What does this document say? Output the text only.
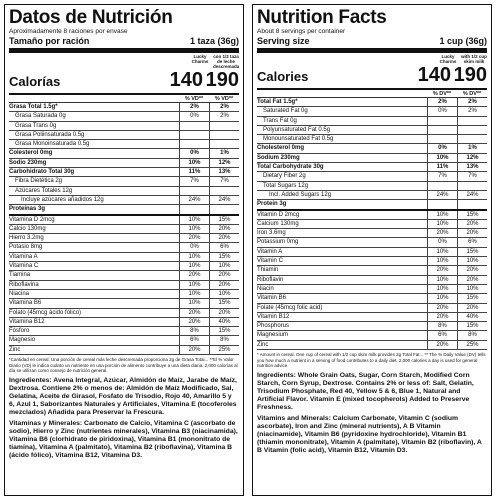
Datos de Nutrición
Aproximadamente 8 raciones por envase
Tamaño por ración	1 taza (36g)
Lucky Charms
con 1/2 taza de leche descremada
Calorías	140 190
% VD**	% VD**
Grasa Total 1.5g*	2%	2%
Grasa Saturada 0g	0%	2%
Grasa Trans 0g
Grasa Poliinsaturada 0.5g
Grasa Monoinsaturada 0.5g
Colesterol 0mg	0%	1%
Sodio 230mg	10%	12%
Carbohidrato Total 30g	11%	13%
Fibra Dietética 2g	7%	7%
Azúcares Totales 12g
Incluye azúcares añadidos 12g	24%	24%
Proteínas 3g
Vitamina D 2mcg	10%	15%
Calcio 130mg	10%	20%
Hierro 3.2mg	20%	20%
Potasio 8mg	0%	6%
Vitamina A	10%	15%
Vitamina C	10%	10%
Tiamina	20%	20%
Riboflavina	10%	20%
Niacina	10%	10%
Vitamina B6	10%	15%
Folato (45mcg ácido fólico)	20%	20%
Vitamina B12	20%	40%
Fósforo	8%	15%
Magnesio	6%	8%
Zinc	20%	25%
*Cantidad en cereal. Una porción de cereal más leche descremada proporciona 2g de Grasa Total... **El % Valor Diario (VD) le indica cuánto un nutriente en una porción de alimento contribuye a una dieta diaria. 2,000 calorías al día se utilizan como consejo de nutrición general.
Ingredientes: Avena Integral, Azúcar, Almidón de Maíz, Jarabe de Maíz, Dextrosa. Contiene 2% o menos de: Almidón de Maíz Modificado, Sal, Gelatina, Aceite de Girasol, Fosfato de Trisodio, Rojo 40, Amarillo 5 y 6, Azul 1, Saborizantes Naturales y Artificiales, Vitamina E (tocoferoles mezclados) Añadida para Preservar la Frescura.
Vitaminas y Minerales: Carbonato de Calcio, Vitamina C (ascorbato de sodio), Hierro y Zinc (nutrientes minerales), Vitamina B3 (niacinamida), Vitamina B6 (clorhidrato de piridoxina), Vitamina B1 (mononitrato de tiamina), Vitamina A (palmitato), Vitamina B2 (riboflavina), Vitamina B (ácido fólico), Vitamina B12, Vitamina D3.
Nutrition Facts
About 8 servings per container
Serving size	1 cup (36g)
Lucky Charms
with 1/2 cup skim milk
Calories	140 190
% DV**	% DV**
Total Fat 1.5g*	2%	2%
Saturated Fat 0g	0%	2%
Trans Fat 0g
Polyunsaturated Fat 0.5g
Monounsaturated Fat 0.5g
Cholesterol 0mg	0%	1%
Sodium 230mg	10%	12%
Total Carbohydrate 30g	11%	13%
Dietary Fiber 2g	7%	7%
Total Sugars 12g
Incl. Added Sugars 12g	24%	24%
Protein 3g
Vitamin D 2mcg	10%	15%
Calcium 130mg	10%	20%
Iron 3.6mg	20%	20%
Potassium 0mg	0%	6%
Vitamin A	10%	15%
Vitamin C	10%	10%
Thiamin	20%	20%
Riboflavin	10%	20%
Niacin	10%	10%
Vitamin B6	10%	15%
Folate (45mcg folic acid)	20%	20%
Vitamin B12	20%	40%
Phosphorus	8%	15%
Magnesium	6%	8%
Zinc	20%	25%
* Amount in cereal. One cup of cereal with 1/2 cup skim milk provides 2g Total Fat... ** The % Daily Value (DV) tells you how much a nutrient in a serving of food contributes to a daily diet. 2,000 calories a day is used for general nutrition advice.
Ingredients: Whole Grain Oats, Sugar, Corn Starch, Modified Corn Starch, Corn Syrup, Dextrose. Contains 2% or less of: Salt, Gelatin, Trisodium Phosphate, Red 40, Yellow 5 & 6, Blue 1, Natural and Artificial Flavor. Vitamin E (mixed tocopherols) Added to Preserve Freshness.
Vitamins and Minerals: Calcium Carbonate, Vitamin C (sodium ascorbate), Iron and Zinc (mineral nutrients), A B Vitamin (niacinamide), Vitamin B6 (pyridoxine hydrochloride), Vitamin B1 (thiamin mononitrate), Vitamin A (palmitate), Vitamin B2 (riboflavin), A B Vitamin (folic acid), Vitamin B12, Vitamin D3.
